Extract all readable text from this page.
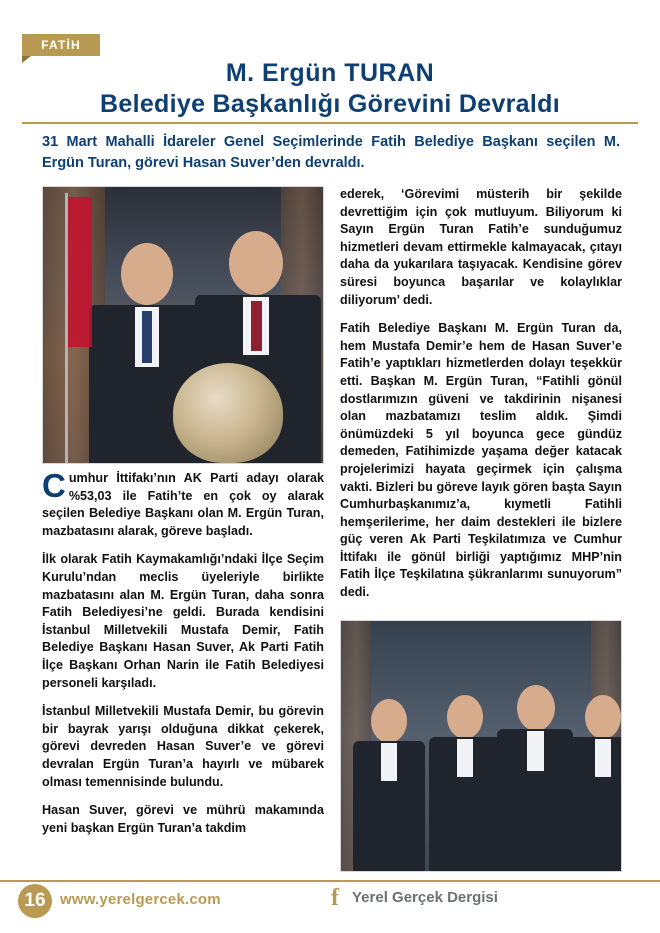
FATİH
M. Ergün TURAN
Belediye Başkanlığı Görevini Devraldı
31 Mart Mahalli İdareler Genel Seçimlerinde Fatih Belediye Başkanı seçilen M. Ergün Turan, görevi Hasan Suver’den devraldı.

Cumhur İttifakı’nın AK Parti adayı olarak %53,03 ile Fatih’te en çok oy alarak seçilen Belediye Başkanı olan M. Ergün Turan, mazbatasını alarak, göreve başladı.

İlk olarak Fatih Kaymakamlığı’ndaki İlçe Seçim Kurulu’ndan meclis üyeleriyle birlikte mazbatasını alan M. Ergün Turan, daha sonra Fatih Belediyesi’ne geldi. Burada kendisini İstanbul Milletvekili Mustafa Demir, Fatih Belediye Başkanı Hasan Suver, Ak Parti Fatih İlçe Başkanı Orhan Narin ile Fatih Belediyesi personeli karşıladı.

İstanbul Milletvekili Mustafa Demir, bu görevin bir bayrak yarışı olduğuna dikkat çekerek, görevi devreden Hasan Suver’e ve görevi devralan Ergün Turan’a hayırlı ve mübarek olması temennisinde bulundu.

Hasan Suver, görevi ve mührü makamında yeni başkan Ergün Turan’a takdim

ederek, ‘Görevimi müsterih bir şekilde devrettiğim için çok mutluyum. Biliyorum ki Sayın Ergün Turan Fatih’e sunduğumuz hizmetleri devam ettirmekle kalmayacak, çıtayı daha da yukarılara taşıyacak. Kendisine görev süresi boyunca başarılar ve kolaylıklar diliyorum’ dedi.

Fatih Belediye Başkanı M. Ergün Turan da, hem Mustafa Demir’e hem de Hasan Suver’e Fatih’e yaptıkları hizmetlerden dolayı teşekkür etti. Başkan M. Ergün Turan, “Fatihli gönül dostlarımızın güveni ve takdirinin nişanesi olan mazbatamızı teslim aldık. Şimdi önümüzdeki 5 yıl boyunca gece gündüz demeden, Fatihimizde yaşama değer katacak projelerimizi hayata geçirmek için çalışma vakti. Bizleri bu göreve layık gören başta Sayın Cumhurbaşkanımız’a, kıymetli Fatihli hemşerilerime, her daim destekleri ile bizlere güç veren Ak Parti Teşkilatımıza ve Cumhur İttifakı ile gönül birliği yaptığımız MHP’nin Fatih İlçe Teşkilatına şükranlarımı sunuyorum” dedi.

16 www.yerelgercek.com	f Yerel Gerçek Dergisi
